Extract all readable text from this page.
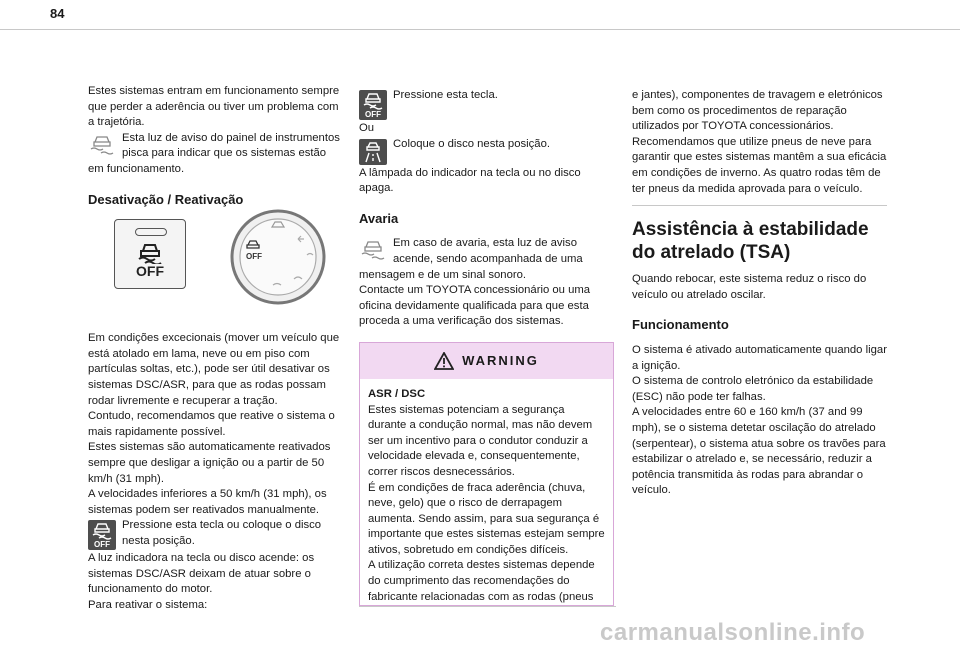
84

Estes sistemas entram em funcionamento sempre que perder a aderência ou tiver um problema com a trajetória.

Esta luz de aviso do painel de instrumentos pisca para indicar que os sistemas estão em funcionamento.

Desativação / Reativação

OFF
OFF

Em condições excecionais (mover um veículo que está atolado em lama, neve ou em piso com partículas soltas, etc.), pode ser útil desativar os sistemas DSC/ASR, para que as rodas possam rodar livremente e recuperar a tração.

Contudo, recomendamos que reative o sistema o mais rapidamente possível.

Estes sistemas são automaticamente reativados sempre que desligar a ignição ou a partir de 50 km/h (31 mph).

A velocidades inferiores a 50 km/h (31 mph), os sistemas podem ser reativados manualmente.

OFF

Pressione esta tecla ou coloque o disco nesta posição.

A luz indicadora na tecla ou disco acende: os sistemas DSC/ASR deixam de atuar sobre o funcionamento do motor.

Para reativar o sistema:

OFF

Pressione esta tecla.

Ou

Coloque o disco nesta posição.

A lâmpada do indicador na tecla ou no disco apaga.

Avaria

Em caso de avaria, esta luz de aviso acende, sendo acompanhada de uma mensagem e de um sinal sonoro.

Contacte um TOYOTA concessionário ou uma oficina devidamente qualificada para que esta proceda a uma verificação dos sistemas.

WARNING

ASR / DSC

Estes sistemas potenciam a segurança durante a condução normal, mas não devem ser um incentivo para o condutor conduzir a velocidade elevada e, consequentemente, correr riscos desnecessários.

É em condições de fraca aderência (chuva, neve, gelo) que o risco de derrapagem aumenta. Sendo assim, para sua segurança é importante que estes sistemas estejam sempre ativos, sobretudo em condições difíceis.

A utilização correta destes sistemas depende do cumprimento das recomendações do fabricante relacionadas com as rodas (pneus

e jantes), componentes de travagem e eletrónicos bem como os procedimentos de reparação utilizados por TOYOTA concessionários.

Recomendamos que utilize pneus de neve para garantir que estes sistemas mantêm a sua eficácia em condições de inverno. As quatro rodas têm de ter pneus da medida aprovada para o veículo.

Assistência à estabilidade do atrelado (TSA)

Quando rebocar, este sistema reduz o risco do veículo ou atrelado oscilar.

Funcionamento

O sistema é ativado automaticamente quando ligar a ignição.

O sistema de controlo eletrónico da estabilidade (ESC) não pode ter falhas.

A velocidades entre 60 e 160 km/h (37 and 99 mph), se o sistema detetar oscilação do atrelado (serpentear), o sistema atua sobre os travões para estabilizar o atrelado e, se necessário, reduzir a potência transmitida às rodas para abrandar o veículo.

carmanualsonline.info
